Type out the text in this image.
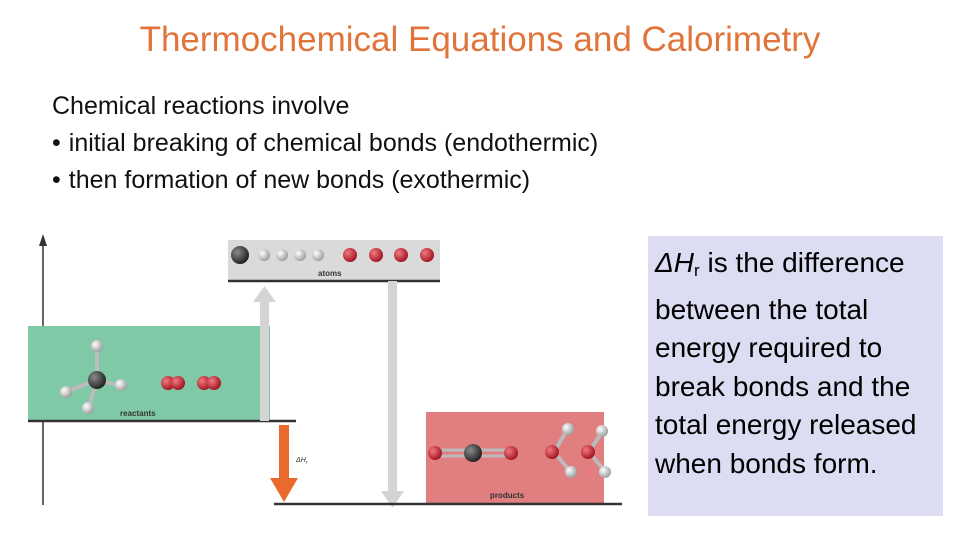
Thermochemical Equations and Calorimetry
Chemical reactions involve
• initial breaking of chemical bonds (endothermic)
• then formation of new bonds (exothermic)
reactants
atoms
products
$\Delta H_r$
$\Delta H_r$ is the difference between the total energy required to break bonds and the total energy released when bonds form.
